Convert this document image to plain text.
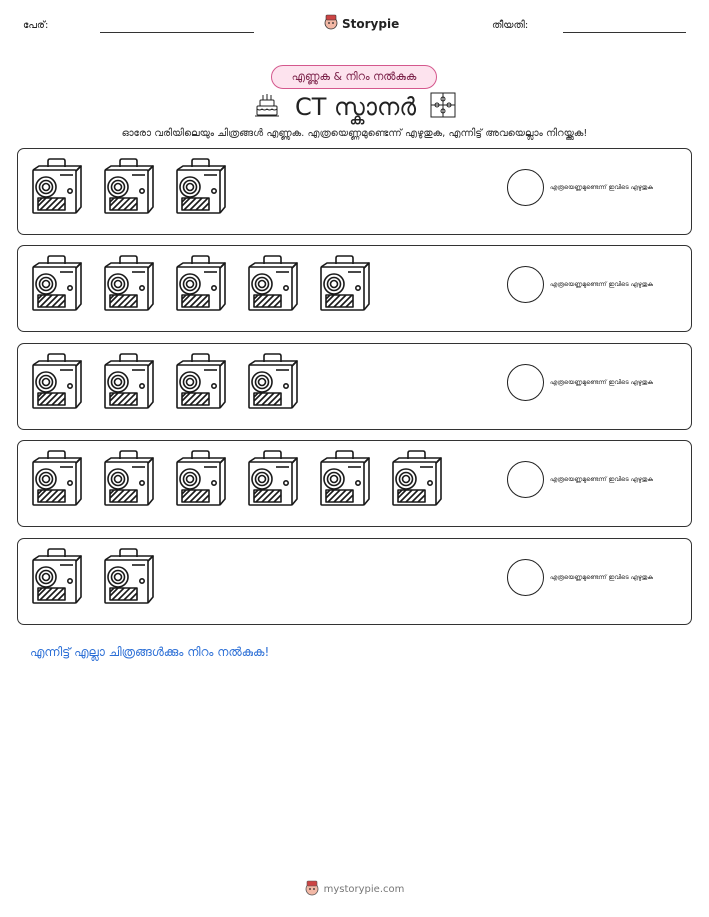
പേര്:	Storypie	തീയതി:
എണ്ണുക & നിറം നൽകുക
CT സ്കാനർ
ഓരോ വരിയിലെയും ചിത്രങ്ങൾ എണ്ണുക. എത്രയെണ്ണമുണ്ടെന്ന് എഴുതുക, എന്നിട്ട് അവയെല്ലാം നിറയ്ക്കുക!
എത്രയെണ്ണമുണ്ടെന്ന് ഇവിടെ എഴുതുക
എത്രയെണ്ണമുണ്ടെന്ന് ഇവിടെ എഴുതുക
എത്രയെണ്ണമുണ്ടെന്ന് ഇവിടെ എഴുതുക
എത്രയെണ്ണമുണ്ടെന്ന് ഇവിടെ എഴുതുക
എത്രയെണ്ണമുണ്ടെന്ന് ഇവിടെ എഴുതുക
എന്നിട്ട് എല്ലാ ചിത്രങ്ങൾക്കും നിറം നൽകുക!
mystorypie.com
